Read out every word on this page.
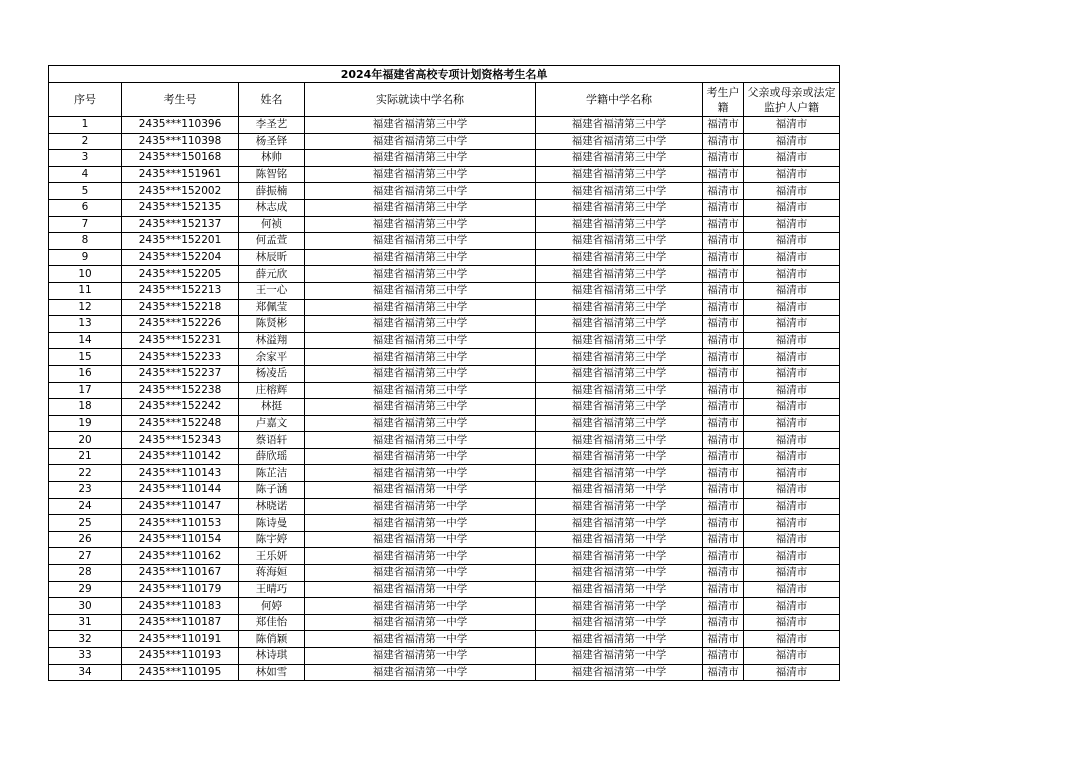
2024年福建省高校专项计划资格考生名单						
序号	考生号	姓名	实际就读中学名称	学籍中学名称	考生户籍	父亲或母亲或法定监护人户籍
1	2435***110396	李圣艺	福建省福清第三中学	福建省福清第三中学	福清市	福清市
2	2435***110398	杨圣铎	福建省福清第三中学	福建省福清第三中学	福清市	福清市
3	2435***150168	林帅	福建省福清第三中学	福建省福清第三中学	福清市	福清市
4	2435***151961	陈智铭	福建省福清第三中学	福建省福清第三中学	福清市	福清市
5	2435***152002	薛振楠	福建省福清第三中学	福建省福清第三中学	福清市	福清市
6	2435***152135	林志成	福建省福清第三中学	福建省福清第三中学	福清市	福清市
7	2435***152137	何祯	福建省福清第三中学	福建省福清第三中学	福清市	福清市
8	2435***152201	何孟萱	福建省福清第三中学	福建省福清第三中学	福清市	福清市
9	2435***152204	林辰昕	福建省福清第三中学	福建省福清第三中学	福清市	福清市
10	2435***152205	薛元欣	福建省福清第三中学	福建省福清第三中学	福清市	福清市
11	2435***152213	王一心	福建省福清第三中学	福建省福清第三中学	福清市	福清市
12	2435***152218	郑佩莹	福建省福清第三中学	福建省福清第三中学	福清市	福清市
13	2435***152226	陈贤彬	福建省福清第三中学	福建省福清第三中学	福清市	福清市
14	2435***152231	林溢翔	福建省福清第三中学	福建省福清第三中学	福清市	福清市
15	2435***152233	余家平	福建省福清第三中学	福建省福清第三中学	福清市	福清市
16	2435***152237	杨凌岳	福建省福清第三中学	福建省福清第三中学	福清市	福清市
17	2435***152238	庄榕辉	福建省福清第三中学	福建省福清第三中学	福清市	福清市
18	2435***152242	林挺	福建省福清第三中学	福建省福清第三中学	福清市	福清市
19	2435***152248	卢嘉文	福建省福清第三中学	福建省福清第三中学	福清市	福清市
20	2435***152343	蔡语轩	福建省福清第三中学	福建省福清第三中学	福清市	福清市
21	2435***110142	薛欣瑶	福建省福清第一中学	福建省福清第一中学	福清市	福清市
22	2435***110143	陈芷洁	福建省福清第一中学	福建省福清第一中学	福清市	福清市
23	2435***110144	陈子涵	福建省福清第一中学	福建省福清第一中学	福清市	福清市
24	2435***110147	林晓诺	福建省福清第一中学	福建省福清第一中学	福清市	福清市
25	2435***110153	陈诗曼	福建省福清第一中学	福建省福清第一中学	福清市	福清市
26	2435***110154	陈宇婷	福建省福清第一中学	福建省福清第一中学	福清市	福清市
27	2435***110162	王乐妍	福建省福清第一中学	福建省福清第一中学	福清市	福清市
28	2435***110167	蒋海姮	福建省福清第一中学	福建省福清第一中学	福清市	福清市
29	2435***110179	王晴巧	福建省福清第一中学	福建省福清第一中学	福清市	福清市
30	2435***110183	何婷	福建省福清第一中学	福建省福清第一中学	福清市	福清市
31	2435***110187	郑佳怡	福建省福清第一中学	福建省福清第一中学	福清市	福清市
32	2435***110191	陈俏颖	福建省福清第一中学	福建省福清第一中学	福清市	福清市
33	2435***110193	林诗琪	福建省福清第一中学	福建省福清第一中学	福清市	福清市
34	2435***110195	林如雪	福建省福清第一中学	福建省福清第一中学	福清市	福清市
